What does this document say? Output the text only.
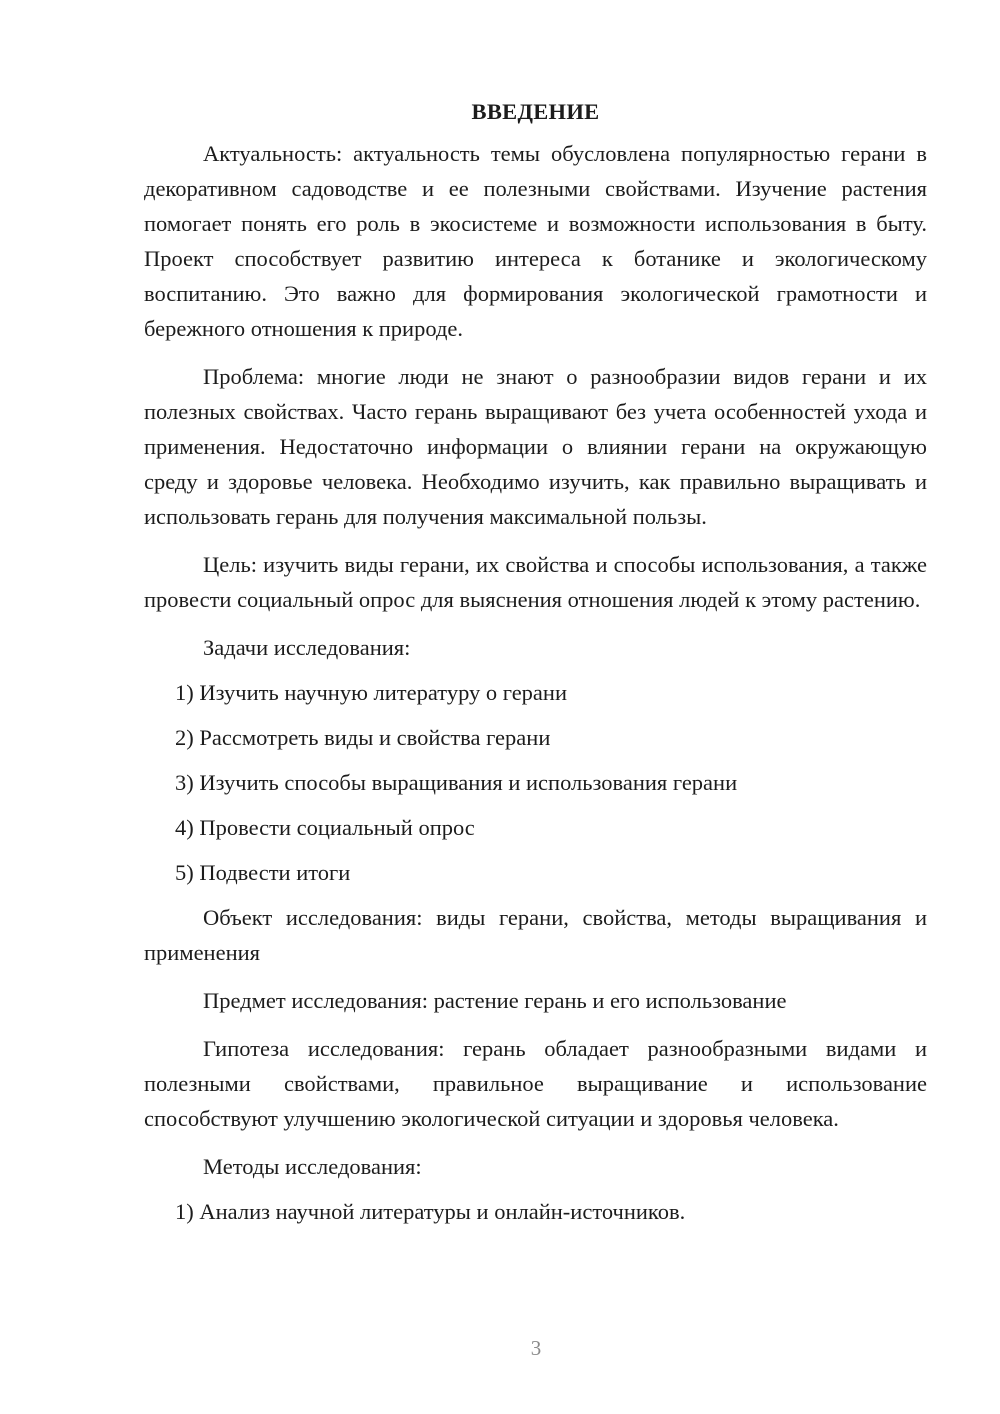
ВВЕДЕНИЕ

Актуальность: актуальность темы обусловлена популярностью герани в декоративном садоводстве и ее полезными свойствами. Изучение растения помогает понять его роль в экосистеме и возможности использования в быту. Проект способствует развитию интереса к ботанике и экологическому воспитанию. Это важно для формирования экологической грамотности и бережного отношения к природе.

Проблема: многие люди не знают о разнообразии видов герани и их полезных свойствах. Часто герань выращивают без учета особенностей ухода и применения. Недостаточно информации о влиянии герани на окружающую среду и здоровье человека. Необходимо изучить, как правильно выращивать и использовать герань для получения максимальной пользы.

Цель: изучить виды герани, их свойства и способы использования, а также провести социальный опрос для выяснения отношения людей к этому растению.

Задачи исследования:

1) Изучить научную литературу о герани
2) Рассмотреть виды и свойства герани
3) Изучить способы выращивания и использования герани
4) Провести социальный опрос
5) Подвести итоги

Объект исследования: виды герани, свойства, методы выращивания и применения

Предмет исследования: растение герань и его использование

Гипотеза исследования: герань обладает разнообразными видами и полезными свойствами, правильное выращивание и использование способствуют улучшению экологической ситуации и здоровья человека.

Методы исследования:

1) Анализ научной литературы и онлайн-источников.
3
